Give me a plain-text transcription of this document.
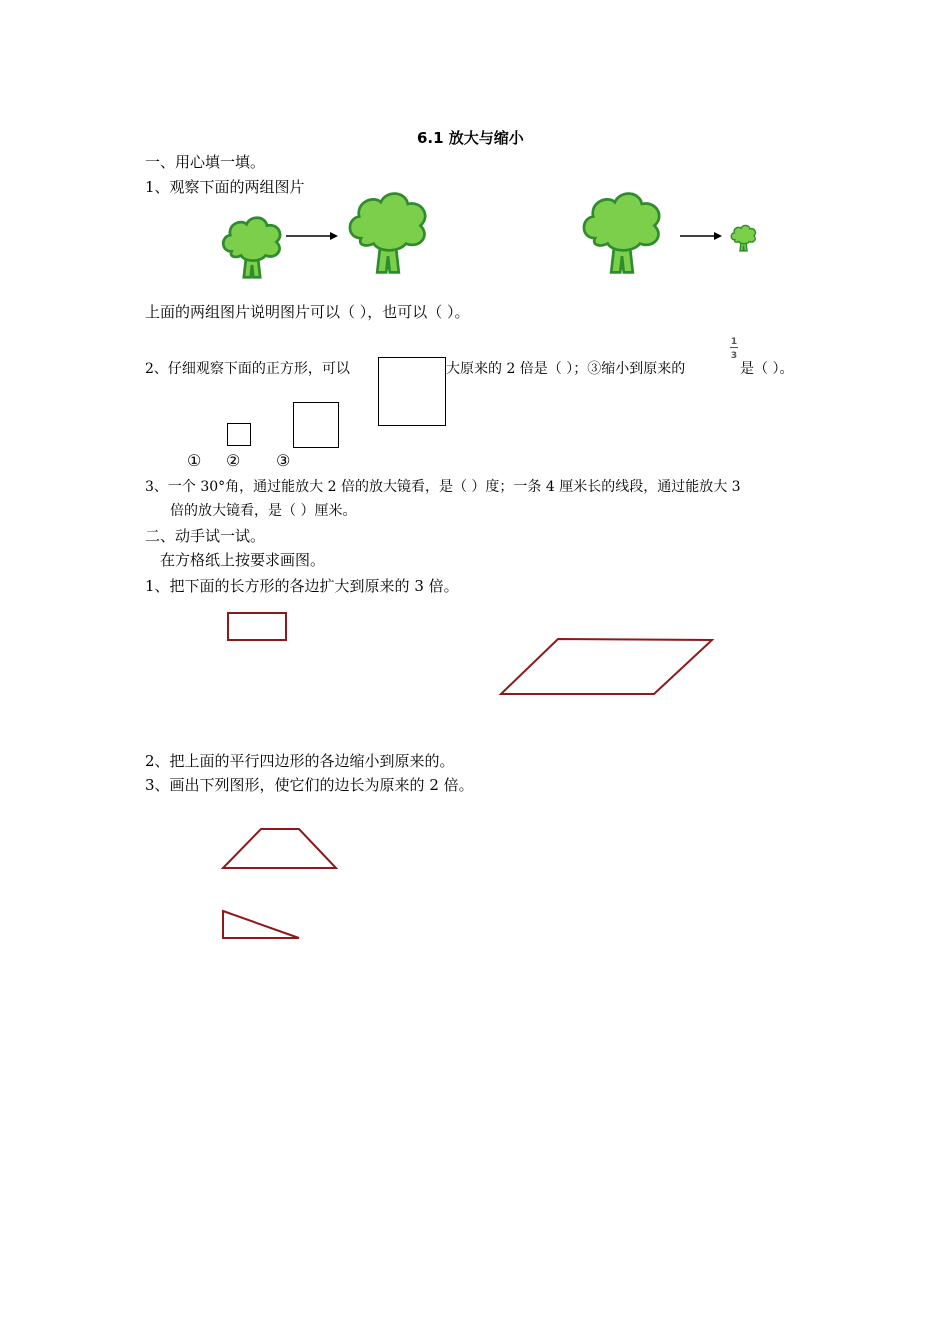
6.1 放大与缩小
一、用心填一填。
1、观察下面的两组图片
上面的两组图片说明图片可以（ ），也可以（ ）。
2、仔细观察下面的正方形，可以	大原来的 2 倍是（ ）；③缩小到原来的
1
3
是（ ）。
① ② ③
3、一个 30°角，通过能放大 2 倍的放大镜看，是（ ）度；一条 4 厘米长的线段，通过能放大 3
倍的放大镜看，是（ ）厘米。
二、动手试一试。
在方格纸上按要求画图。
1、把下面的长方形的各边扩大到原来的 3 倍。
2、把上面的平行四边形的各边缩小到原来的。
3、画出下列图形，使它们的边长为原来的 2 倍。
